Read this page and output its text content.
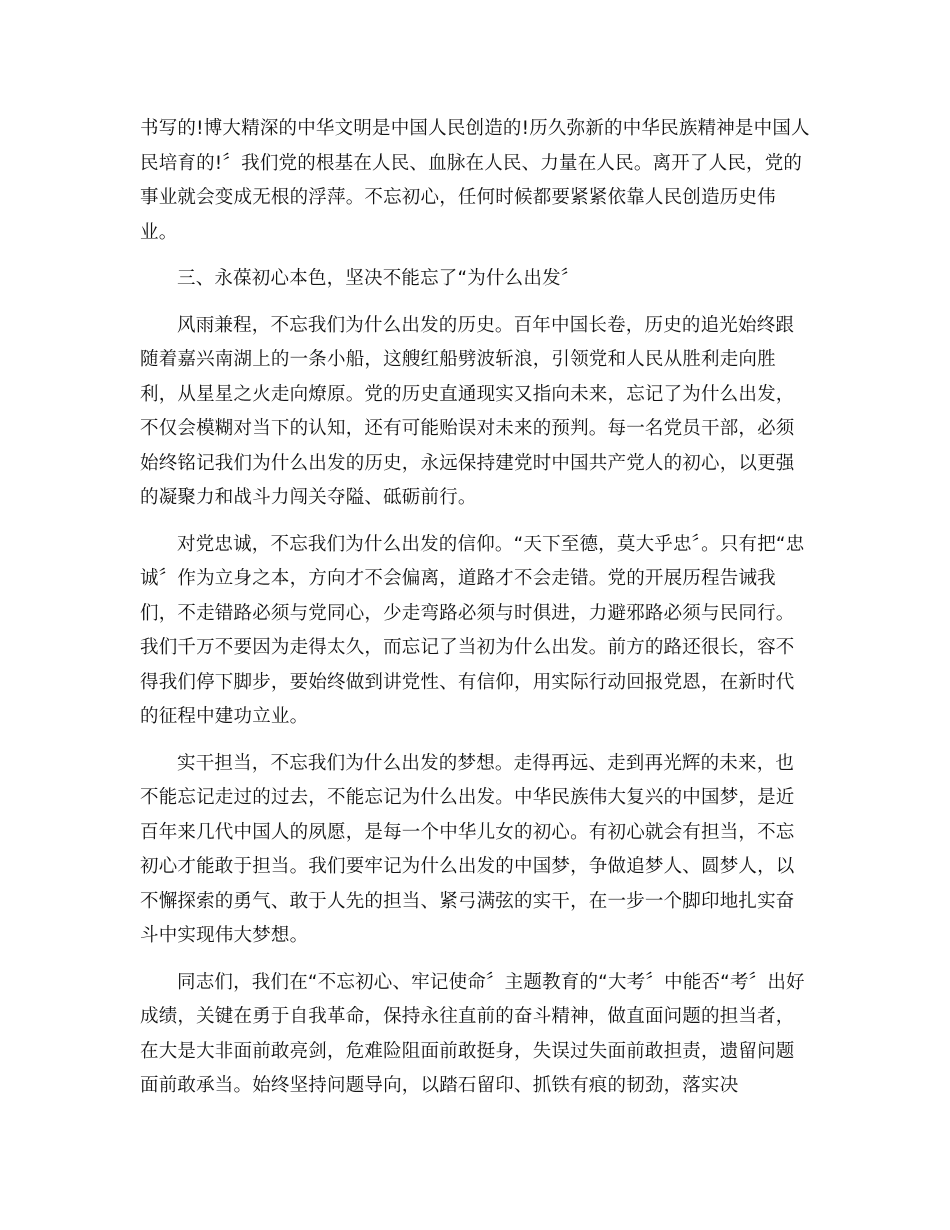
书写的!博大精深的中华文明是中国人民创造的!历久弥新的中华民族精神是中国人民培育的!〞我们党的根基在人民、血脉在人民、力量在人民。离开了人民，党的事业就会变成无根的浮萍。不忘初心，任何时候都要紧紧依靠人民创造历史伟业。

三、永葆初心本色，坚决不能忘了“为什么出发〞

风雨兼程，不忘我们为什么出发的历史。百年中国长卷，历史的追光始终跟随着嘉兴南湖上的一条小船，这艘红船劈波斩浪，引领党和人民从胜利走向胜利，从星星之火走向燎原。党的历史直通现实又指向未来，忘记了为什么出发，不仅会模糊对当下的认知，还有可能贻误对未来的预判。每一名党员干部，必须始终铭记我们为什么出发的历史，永远保持建党时中国共产党人的初心，以更强的凝聚力和战斗力闯关夺隘、砥砺前行。

对党忠诚，不忘我们为什么出发的信仰。“天下至德，莫大乎忠〞。只有把“忠诚〞作为立身之本，方向才不会偏离，道路才不会走错。党的开展历程告诫我们，不走错路必须与党同心，少走弯路必须与时俱进，力避邪路必须与民同行。我们千万不要因为走得太久，而忘记了当初为什么出发。前方的路还很长，容不得我们停下脚步，要始终做到讲党性、有信仰，用实际行动回报党恩，在新时代的征程中建功立业。

实干担当，不忘我们为什么出发的梦想。走得再远、走到再光辉的未来，也不能忘记走过的过去，不能忘记为什么出发。中华民族伟大复兴的中国梦，是近百年来几代中国人的夙愿，是每一个中华儿女的初心。有初心就会有担当，不忘初心才能敢于担当。我们要牢记为什么出发的中国梦，争做追梦人、圆梦人，以不懈探索的勇气、敢于人先的担当、紧弓满弦的实干，在一步一个脚印地扎实奋斗中实现伟大梦想。

同志们，我们在“不忘初心、牢记使命〞主题教育的“大考〞中能否“考〞出好成绩，关键在勇于自我革命，保持永往直前的奋斗精神，做直面问题的担当者，在大是大非面前敢亮剑，危难险阻面前敢挺身，失误过失面前敢担责，遗留问题面前敢承当。始终坚持问题导向，以踏石留印、抓铁有痕的韧劲，落实决
